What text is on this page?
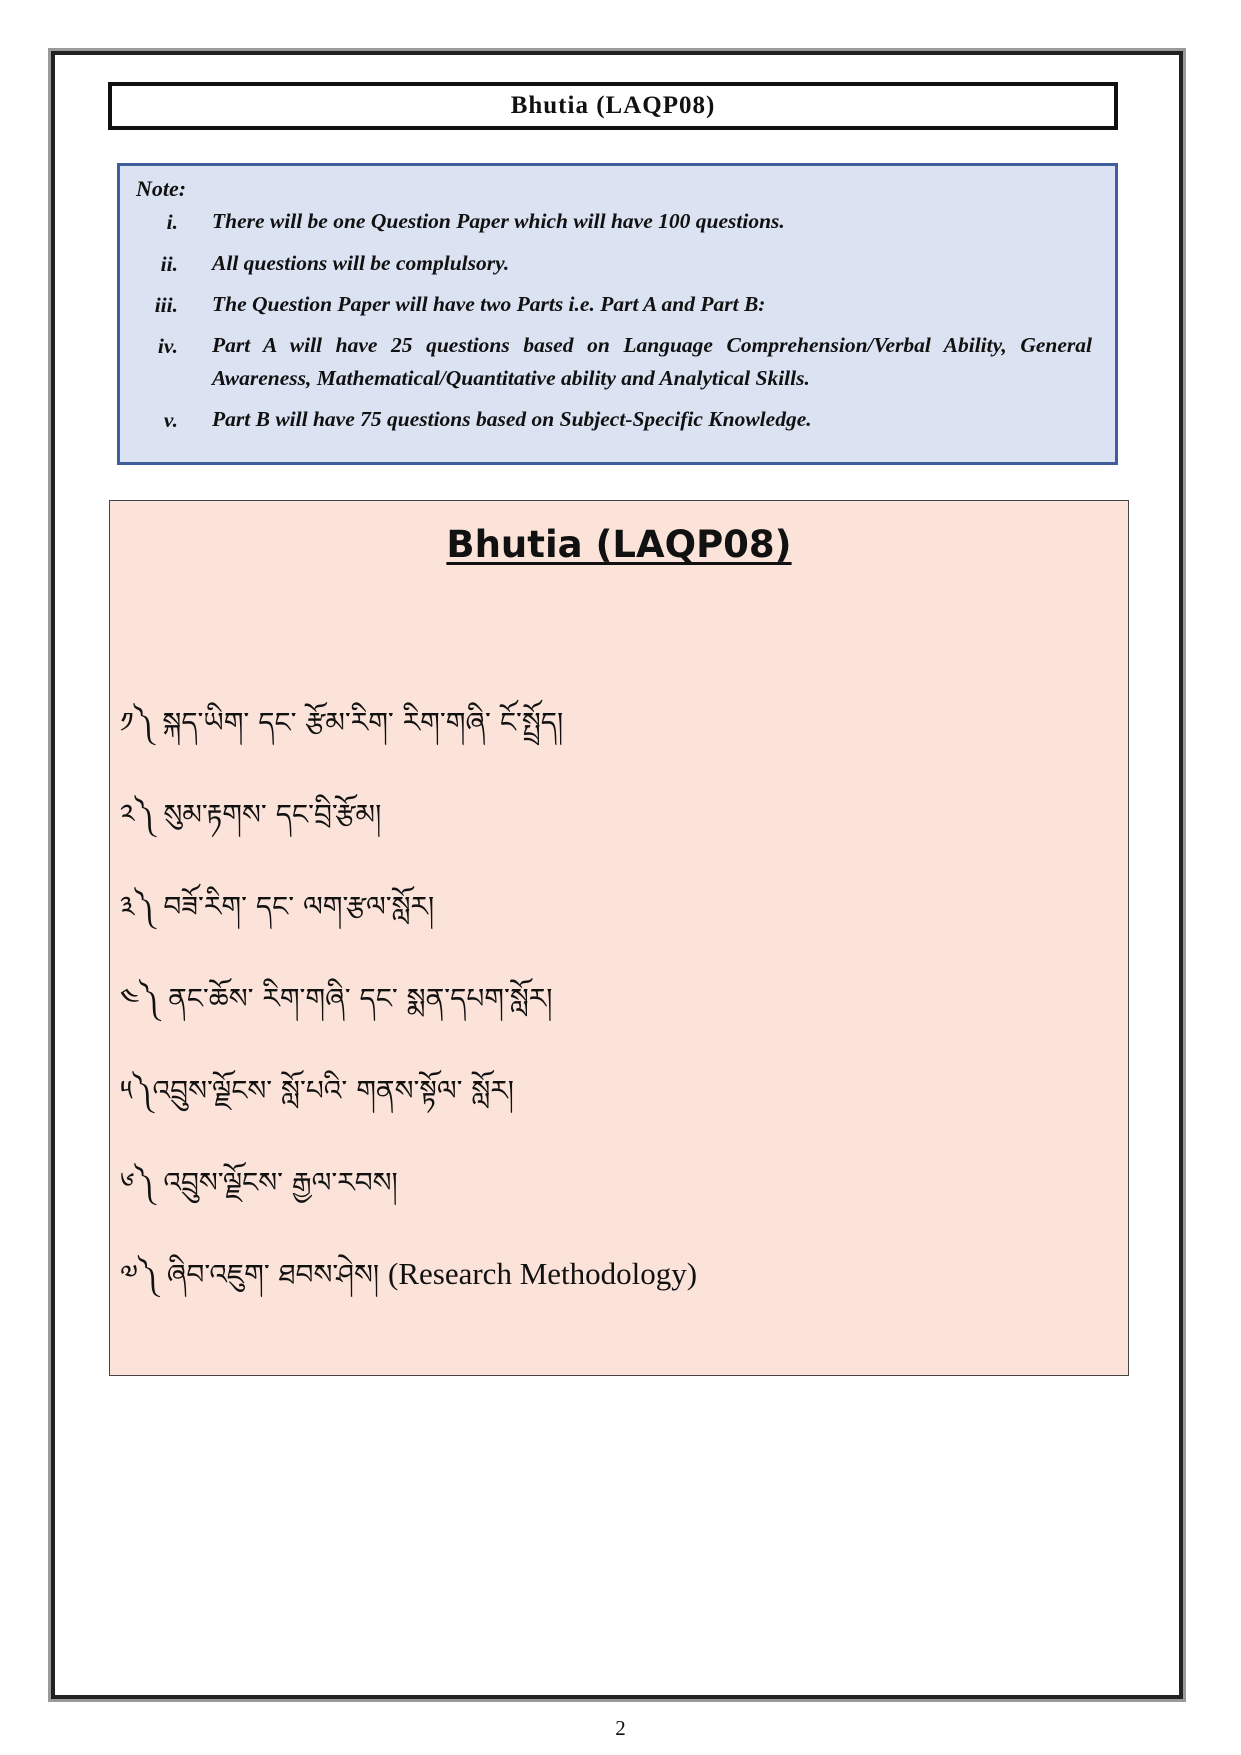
Bhutia (LAQP08)
Note:
i. There will be one Question Paper which will have 100 questions.
ii. All questions will be complulsory.
iii. The Question Paper will have two Parts i.e. Part A and Part B:
iv. Part A will have 25 questions based on Language Comprehension/Verbal Ability, General Awareness, Mathematical/Quantitative ability and Analytical Skills.
v. Part B will have 75 questions based on Subject-Specific Knowledge.
Bhutia (LAQP08)
༡༽ སྐད་ཡིག་ དང་ རྩོམ་རིག་ རིག་གཞི་ ངོ་སྤྲོད།
༢༽ སུམ་རྟགས་ དང་བྲི་རྩོམ།
༣༽ བཟོ་རིག་ དང་ ལག་རྩལ་སློར།
༤༽ ནང་ཆོས་ རིག་གཞི་ དང་ སྨན་དཔག་སློར།
༥༽འབྲུས་ལྗོངས་ སློ་པའི་ གནས་སྟོལ་ སློར།
༦༽ འབྲུས་ལྗོངས་ རྒྱལ་རབས།
༧༽ ཞིབ་འཇུག་ ཐབས་ཤེས། (Research Methodology)
2
